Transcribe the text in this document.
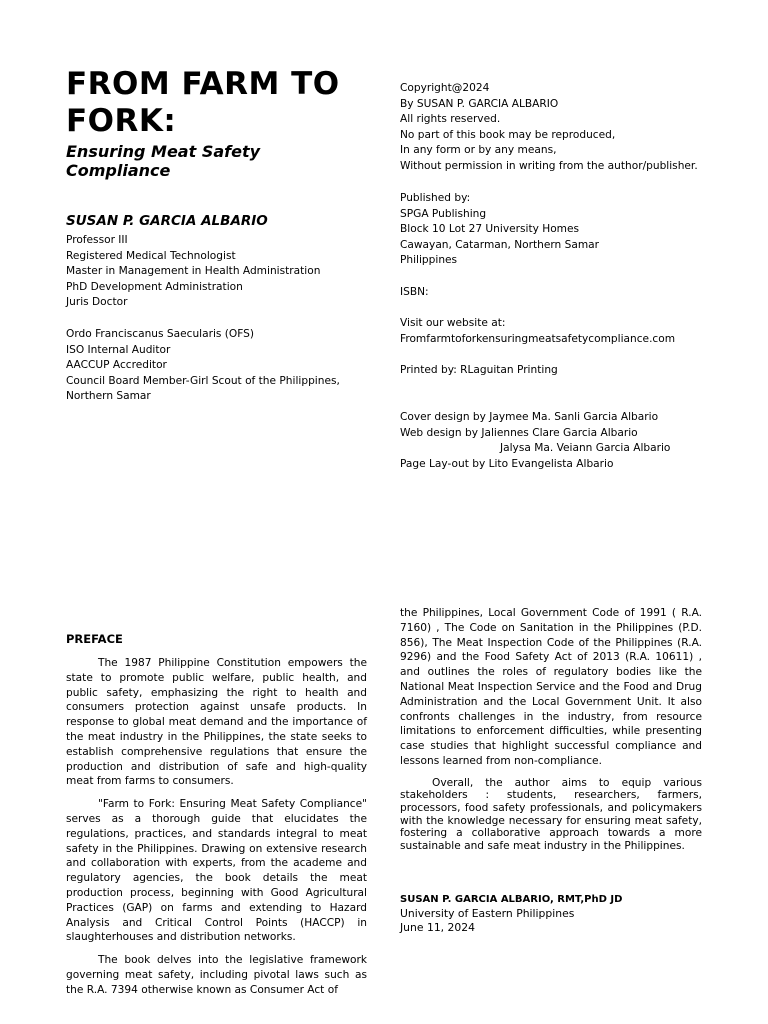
FROM FARM TO FORK:
Ensuring Meat Safety Compliance
SUSAN P. GARCIA ALBARIO
Professor III
Registered Medical Technologist
Master in Management in Health Administration
PhD Development Administration
Juris Doctor
Ordo Franciscanus Saecularis (OFS)
ISO Internal Auditor
AACCUP Accreditor
Council Board Member-Girl Scout of the Philippines,
Northern Samar
Copyright@2024
By SUSAN P. GARCIA ALBARIO
All rights reserved.
No part of this book may be reproduced,
In any form or by any means,
Without permission in writing from the author/publisher.
Published by:
SPGA Publishing
Block 10 Lot 27 University Homes
Cawayan, Catarman, Northern Samar
Philippines
ISBN:
Visit our website at:
Fromfarmtoforkensuringmeatsafetycompliance.com
Printed by: RLaguitan Printing
Cover design by Jaymee Ma. Sanli Garcia Albario
Web design by Jaliennes Clare Garcia Albario
Jalysa Ma. Veiann Garcia Albario
Page Lay-out by Lito Evangelista Albario
PREFACE

The 1987 Philippine Constitution empowers the state to promote public welfare, public health, and public safety, emphasizing the right to health and consumers protection against unsafe products. In response to global meat demand and the importance of the meat industry in the Philippines, the state seeks to establish comprehensive regulations that ensure the production and distribution of safe and high-quality meat from farms to consumers.

"Farm to Fork: Ensuring Meat Safety Compliance" serves as a thorough guide that elucidates the regulations, practices, and standards integral to meat safety in the Philippines. Drawing on extensive research and collaboration with experts, from the academe and regulatory agencies, the book details the meat production process, beginning with Good Agricultural Practices (GAP) on farms and extending to Hazard Analysis and Critical Control Points (HACCP) in slaughterhouses and distribution networks.

The book delves into the legislative framework governing meat safety, including pivotal laws such as the R.A. 7394 otherwise known as Consumer Act of

the Philippines, Local Government Code of 1991 ( R.A. 7160) , The Code on Sanitation in the Philippines (P.D. 856), The Meat Inspection Code of the Philippines (R.A. 9296) and the Food Safety Act of 2013 (R.A. 10611) , and outlines the roles of regulatory bodies like the National Meat Inspection Service and the Food and Drug Administration and the Local Government Unit. It also confronts challenges in the industry, from resource limitations to enforcement difficulties, while presenting case studies that highlight successful compliance and lessons learned from non-compliance.

Overall, the author aims to equip various stakeholders : students, researchers, farmers, processors, food safety professionals, and policymakers with the knowledge necessary for ensuring meat safety, fostering a collaborative approach towards a more sustainable and safe meat industry in the Philippines.

SUSAN P. GARCIA ALBARIO, RMT,PhD JD
University of Eastern Philippines
June 11, 2024
